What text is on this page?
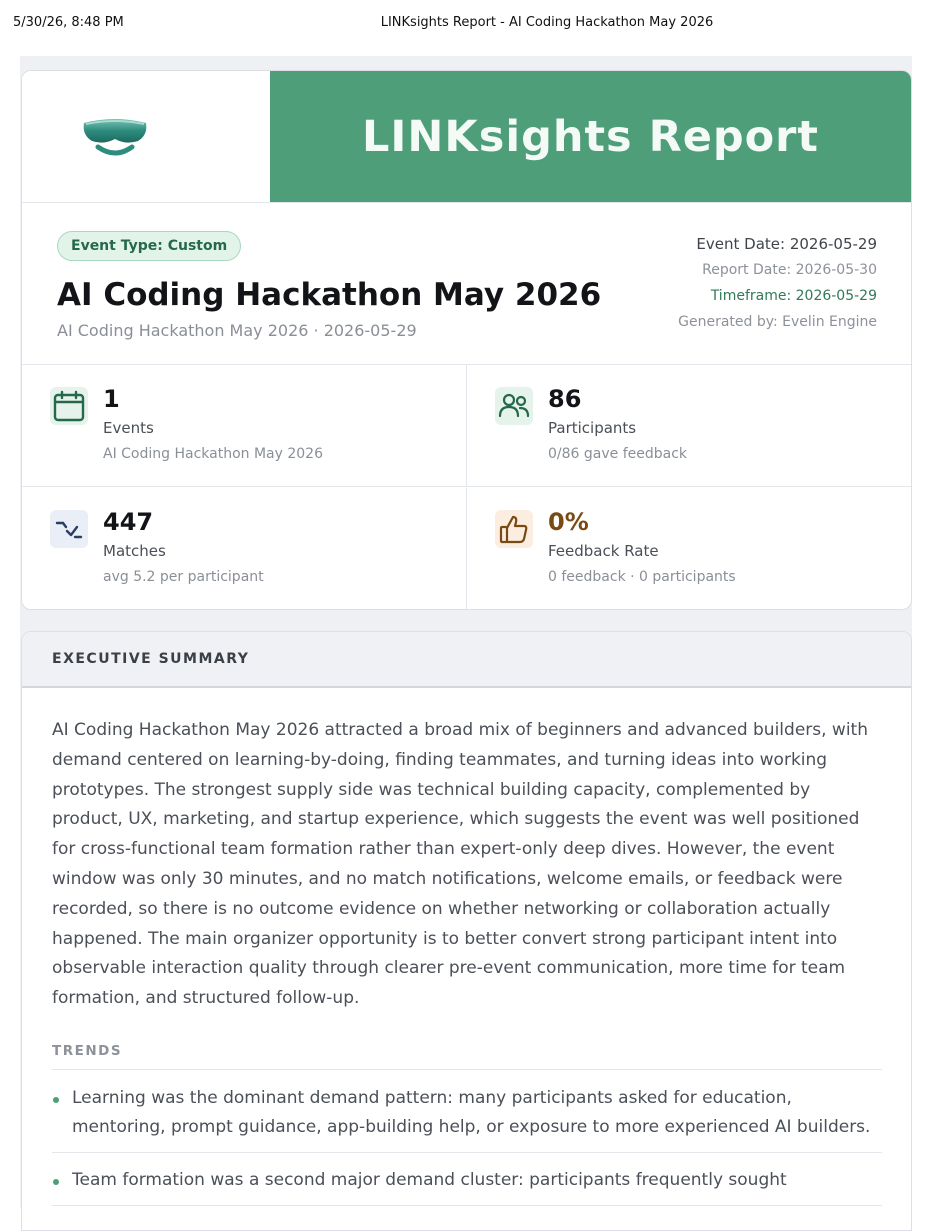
5/30/26, 8:48 PM	LINKsights Report - AI Coding Hackathon May 2026
LINKsights Report
Event Type: Custom
AI Coding Hackathon May 2026
AI Coding Hackathon May 2026 · 2026-05-29
Event Date: 2026-05-29
Report Date: 2026-05-30
Timeframe: 2026-05-29
Generated by: Evelin Engine
1
Events
AI Coding Hackathon May 2026
86
Participants
0/86 gave feedback
447
Matches
avg 5.2 per participant
0%
Feedback Rate
0 feedback · 0 participants
EXECUTIVE SUMMARY

AI Coding Hackathon May 2026 attracted a broad mix of beginners and advanced builders, with demand centered on learning-by-doing, finding teammates, and turning ideas into working prototypes. The strongest supply side was technical building capacity, complemented by product, UX, marketing, and startup experience, which suggests the event was well positioned for cross-functional team formation rather than expert-only deep dives. However, the event window was only 30 minutes, and no match notifications, welcome emails, or feedback were recorded, so there is no outcome evidence on whether networking or collaboration actually happened. The main organizer opportunity is to better convert strong participant intent into observable interaction quality through clearer pre-event communication, more time for team formation, and structured follow-up.

TRENDS
Learning was the dominant demand pattern: many participants asked for education, mentoring, prompt guidance, app-building help, or exposure to more experienced AI builders.
Team formation was a second major demand cluster: participants frequently sought
